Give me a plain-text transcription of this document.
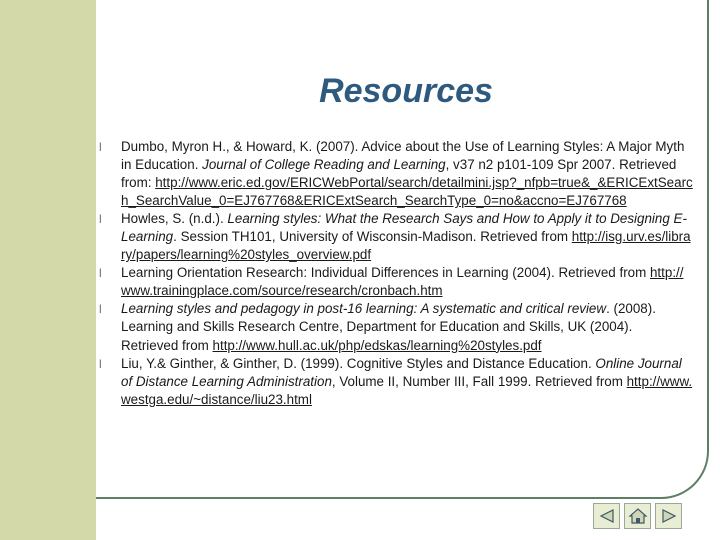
Resources
l Dumbo, Myron H., & Howard, K. (2007). Advice about the Use of Learning Styles: A Major Myth in Education. Journal of College Reading and Learning, v37 n2 p101-109 Spr 2007. Retrieved from: http://www.eric.ed.gov/ERICWebPortal/search/detailmini.jsp?_nfpb=true&_&ERICExtSearch_SearchValue_0=EJ767768&ERICExtSearch_SearchType_0=no&accno=EJ767768
l Howles, S. (n.d.). Learning styles: What the Research Says and How to Apply it to Designing E-Learning. Session TH101, University of Wisconsin-Madison. Retrieved from http://isg.urv.es/library/papers/learning%20styles_overview.pdf
l Learning Orientation Research: Individual Differences in Learning (2004). Retrieved from http://www.trainingplace.com/source/research/cronbach.htm
l Learning styles and pedagogy in post-16 learning: A systematic and critical review. (2008). Learning and Skills Research Centre, Department for Education and Skills, UK (2004). Retrieved from http://www.hull.ac.uk/php/edskas/learning%20styles.pdf
l Liu, Y.& Ginther, & Ginther, D. (1999). Cognitive Styles and Distance Education. Online Journal of Distance Learning Administration, Volume II, Number III, Fall 1999. Retrieved from http://www.westga.edu/~distance/liu23.html
